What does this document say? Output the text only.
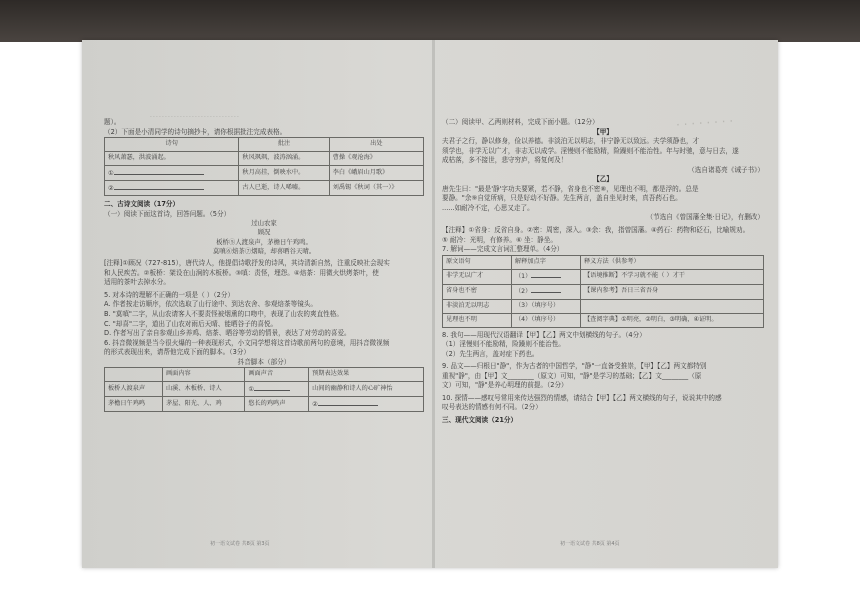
．．．．．．．．．．．．．．．．．．．．．．．．．．．．．．	· · · · · · · ·

题）。

（2）下面是小清同学的诗句摘抄卡，请你根据批注完成表格。

诗句	批注	出处
秋风萧瑟，洪波涌起。	秋风飒飒，波涛汹涌。	曹操《观沧海》
①	秋月高挂，倒映水中。	李白《峨眉山月歌》
②	古人已逝，诗人唏嘘。	刘禹锡《秋词（其一）》

二、古诗文阅读（17分）

（一）阅读下面这首诗，回答问题。（5分）

过山农家

顾况

板桥⑤人渡泉声，茅檐日午鸡鸣。

莫嗔⑥焙茶⑦烟暗，却喜晒谷天晴。

[注释]①顾况（727-815），唐代诗人，他提倡诗歌抒发的诗风，其诗清新自然，注重反映社会现实

和人民疾苦。②板桥：架设在山涧的木板桥。③嗔：责怪，埋怨。④焙茶：用微火烘烤茶叶，使

适用的茶叶去掉水分。

5. 对本诗的理解不正确的一项是（ ）（2分）

A. 作者按走访顺序，依次选取了山行途中、到达农舍、参观焙茶等镜头。

B. "莫嗔"二字，从山农请客人不要责怪被烟熏的口吻中，表现了山农的爽直性格。

C. "却喜"二字，道出了山农对雨后天晴、能晒谷子的喜悦。

D. 作者写出了亲自参观山乡养鸡、焙茶、晒谷等劳动的情景，表达了对劳动的喜爱。

6. 抖音微视频是当今很火爆的一种表现形式，小文同学想将这首诗歌前两句的意境，用抖音微视频

的形式表现出来，请帮他完成下面的脚本。（3分）

抖音脚本（部分）

	画面内容	画面声音	预期表达效果
板桥人渡泉声	山溪、木板桥、诗人	①	山间的幽静和诗人的心旷神怡
茅檐日午鸡鸣	茅屋、阳光、人、鸡	悠长的鸡鸣声	②
初一语文试卷 共8页 第3页

（二）阅读甲、乙两则材料，完成下面小题。（12分）

【甲】

夫君子之行，静以修身，俭以养德。非淡泊无以明志，非宁静无以致远。夫学须静也，才

须学也，非学无以广才，非志无以成学。淫慢则不能励精，险躁则不能治性。年与时驰，意与日去，遂

成枯落，多不接世，悲守穷庐，将复何及！

（选自诸葛亮《诫子书》）

【乙】

唐先生曰："最是'静'字功夫要紧，若不静，省身也不密⑧，见理也不明，都是浮的。总是

要静。"余⑨自觉所病，只是好动不好静。先生两言，盖自坐见时来，真吾药石也。

......如耐冷不定，心思又走了。

（节选自《曾国藩全集·日记》，有删改）

【注释】①省身：反省自身。②密：周密，深入。③余：我，指曾国藩。④药石：药物和砭石，比喻规劝。

⑤ 耐冷：光明，有修养。⑥ 坐：静坐。

7. 解词——完成文言词汇整理单。（4分）

原文语句	解释加点字	释义方法（供参考）
非学无以广才	（1）	【语境推断】不学习就不能（ ）才干
省身也不密	（2）	【课内参考】吾日三省吾身
非淡泊无以明志	（3）（填序号）	
见理也不明	（4）（填序号）	【查阅字典】①明亮，②明白，③明确，④证明。

8. 我句——用现代汉语翻译【甲】【乙】两文中划横线的句子。（4分）

（1）淫慢则不能励精，险躁则不能治性。

（2）先生两言，盖对症下药也。

9. 品文——归根日"静"，作为古者的中国哲学，"静"一直备受推崇，【甲】【乙】两文都特别

重视"静"，由【甲】文________（原文）可知，"静"是学习的基础；【乙】文________（原

文）可知，"静"是养心明理的前提。（2分）

10. 探情——感叹号常用来传达强烈的情感，请结合【甲】【乙】两文横线的句子，说说其中的感

叹号表达的情感有何不同。（2分）

三、现代文阅读（21分）

初一语文试卷 共8页 第4页
